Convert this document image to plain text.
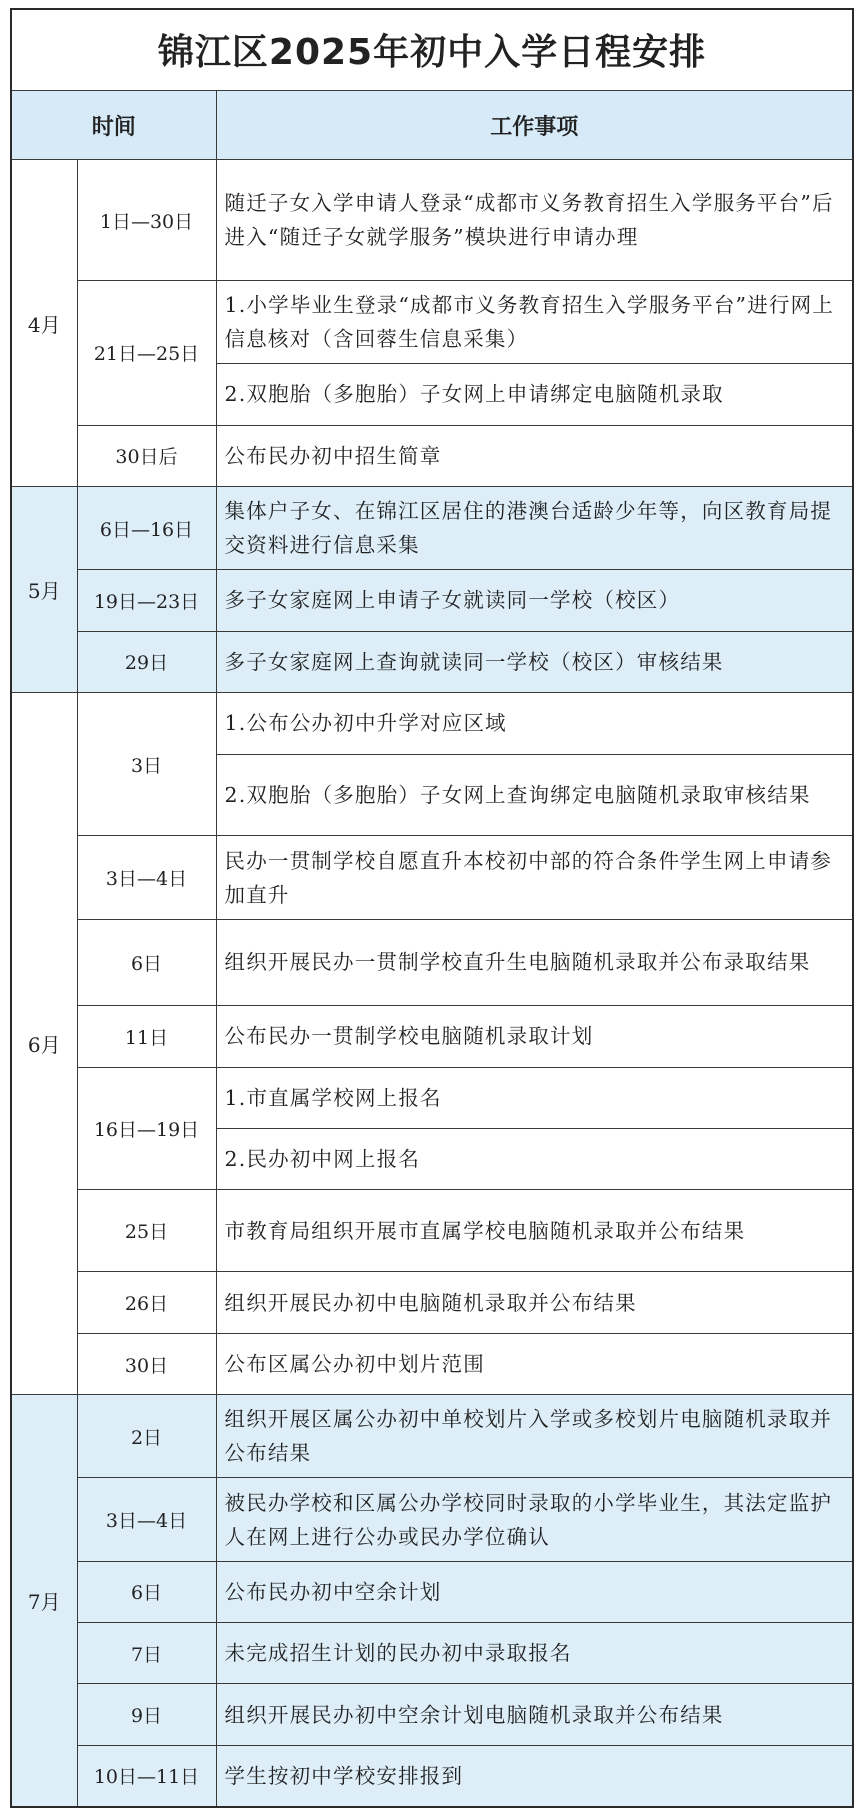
锦江区2025年初中入学日程安排		
时间		工作事项
4月	1日—30日	随迁子女入学申请人登录“成都市义务教育招生入学服务平台”后进入“随迁子女就学服务”模块进行申请办理
	21日—25日	1.小学毕业生登录“成都市义务教育招生入学服务平台”进行网上信息核对（含回蓉生信息采集）
		2.双胞胎（多胞胎）子女网上申请绑定电脑随机录取
	30日后	公布民办初中招生简章
5月	6日—16日	集体户子女、在锦江区居住的港澳台适龄少年等，向区教育局提交资料进行信息采集
	19日—23日	多子女家庭网上申请子女就读同一学校（校区）
	29日	多子女家庭网上查询就读同一学校（校区）审核结果
6月	3日	1.公布公办初中升学对应区域
		2.双胞胎（多胞胎）子女网上查询绑定电脑随机录取审核结果
	3日—4日	民办一贯制学校自愿直升本校初中部的符合条件学生网上申请参加直升
	6日	组织开展民办一贯制学校直升生电脑随机录取并公布录取结果
	11日	公布民办一贯制学校电脑随机录取计划
	16日—19日	1.市直属学校网上报名
		2.民办初中网上报名
	25日	市教育局组织开展市直属学校电脑随机录取并公布结果
	26日	组织开展民办初中电脑随机录取并公布结果
	30日	公布区属公办初中划片范围
7月	2日	组织开展区属公办初中单校划片入学或多校划片电脑随机录取并公布结果
	3日—4日	被民办学校和区属公办学校同时录取的小学毕业生，其法定监护人在网上进行公办或民办学位确认
	6日	公布民办初中空余计划
	7日	未完成招生计划的民办初中录取报名
	9日	组织开展民办初中空余计划电脑随机录取并公布结果
	10日—11日	学生按初中学校安排报到
